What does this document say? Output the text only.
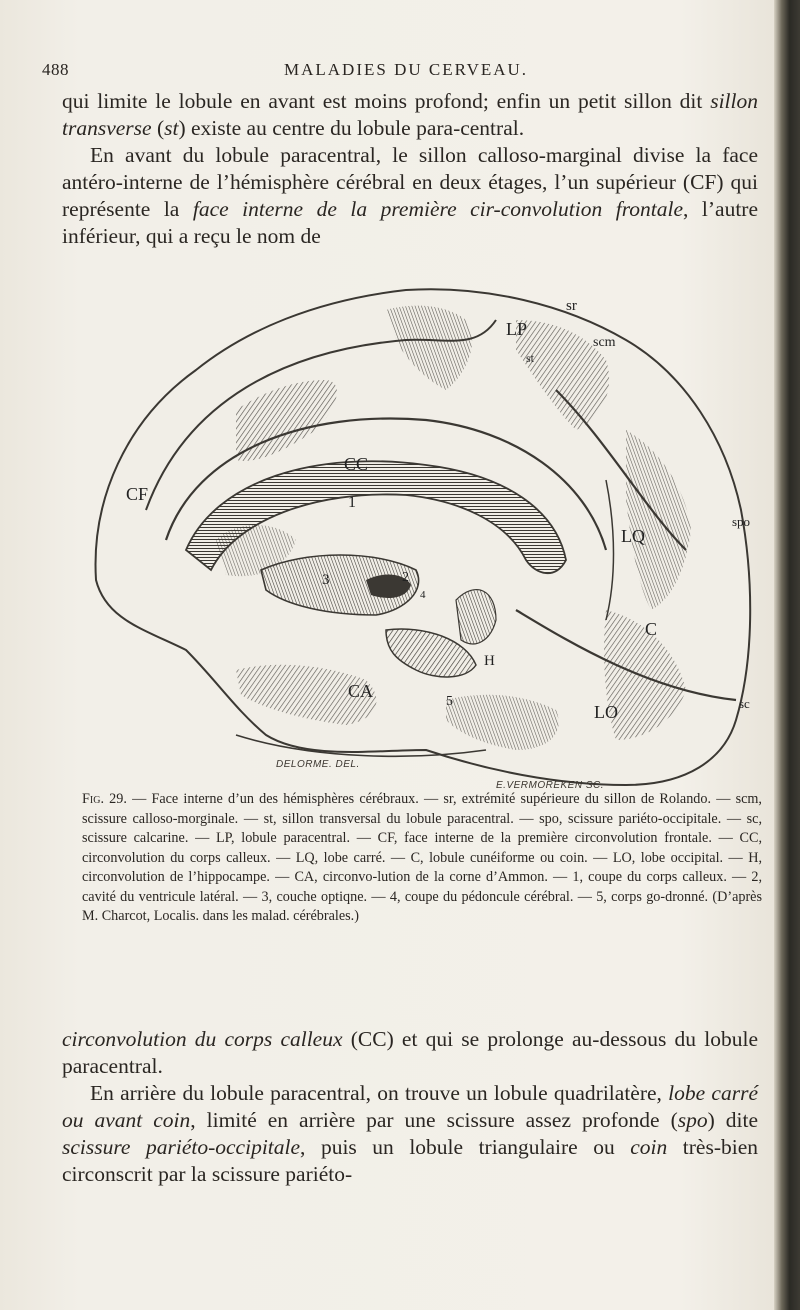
488	MALADIES DU CERVEAU.

qui limite le lobule en avant est moins profond; enfin un petit sillon dit sillon transverse (st) existe au centre du lobule para-central.

En avant du lobule paracentral, le sillon calloso-marginal divise la face antéro-interne de l’hémisphère cérébral en deux étages, l’un supérieur (CF) qui représente la face interne de la première cir-convolution frontale, l’autre inférieur, qui a reçu le nom de

sr
LP
scm
st
CC
CF	1
LQ
spo
3	2
C
H
CA
5
LO	sc
4
DELORME. DEL.
E.VERMOREKEN SC.
Fig. 29. — Face interne d’un des hémisphères cérébraux. — sr, extrémité supérieure du sillon de Rolando. — scm, scissure calloso-morginale. — st, sillon transversal du lobule paracentral. — spo, scissure pariéto-occipitale. — sc, scissure calcarine. — LP, lobule paracentral. — CF, face interne de la première circonvolution frontale. — CC, circonvolution du corps calleux. — LQ, lobe carré. — C, lobule cunéiforme ou coin. — LO, lobe occipital. — H, circonvolution de l’hippocampe. — CA, circonvo-lution de la corne d’Ammon. — 1, coupe du corps calleux. — 2, cavité du ventricule latéral. — 3, couche optiqne. — 4, coupe du pédoncule cérébral. — 5, corps go-dronné. (D’après M. Charcot, Localis. dans les malad. cérébrales.)

circonvolution du corps calleux (CC) et qui se prolonge au-dessous du lobule paracentral.

En arrière du lobule paracentral, on trouve un lobule quadrilatère, lobe carré ou avant coin, limité en arrière par une scissure assez profonde (spo) dite scissure pariéto-occipitale, puis un lobule triangulaire ou coin très-bien circonscrit par la scissure pariéto-
